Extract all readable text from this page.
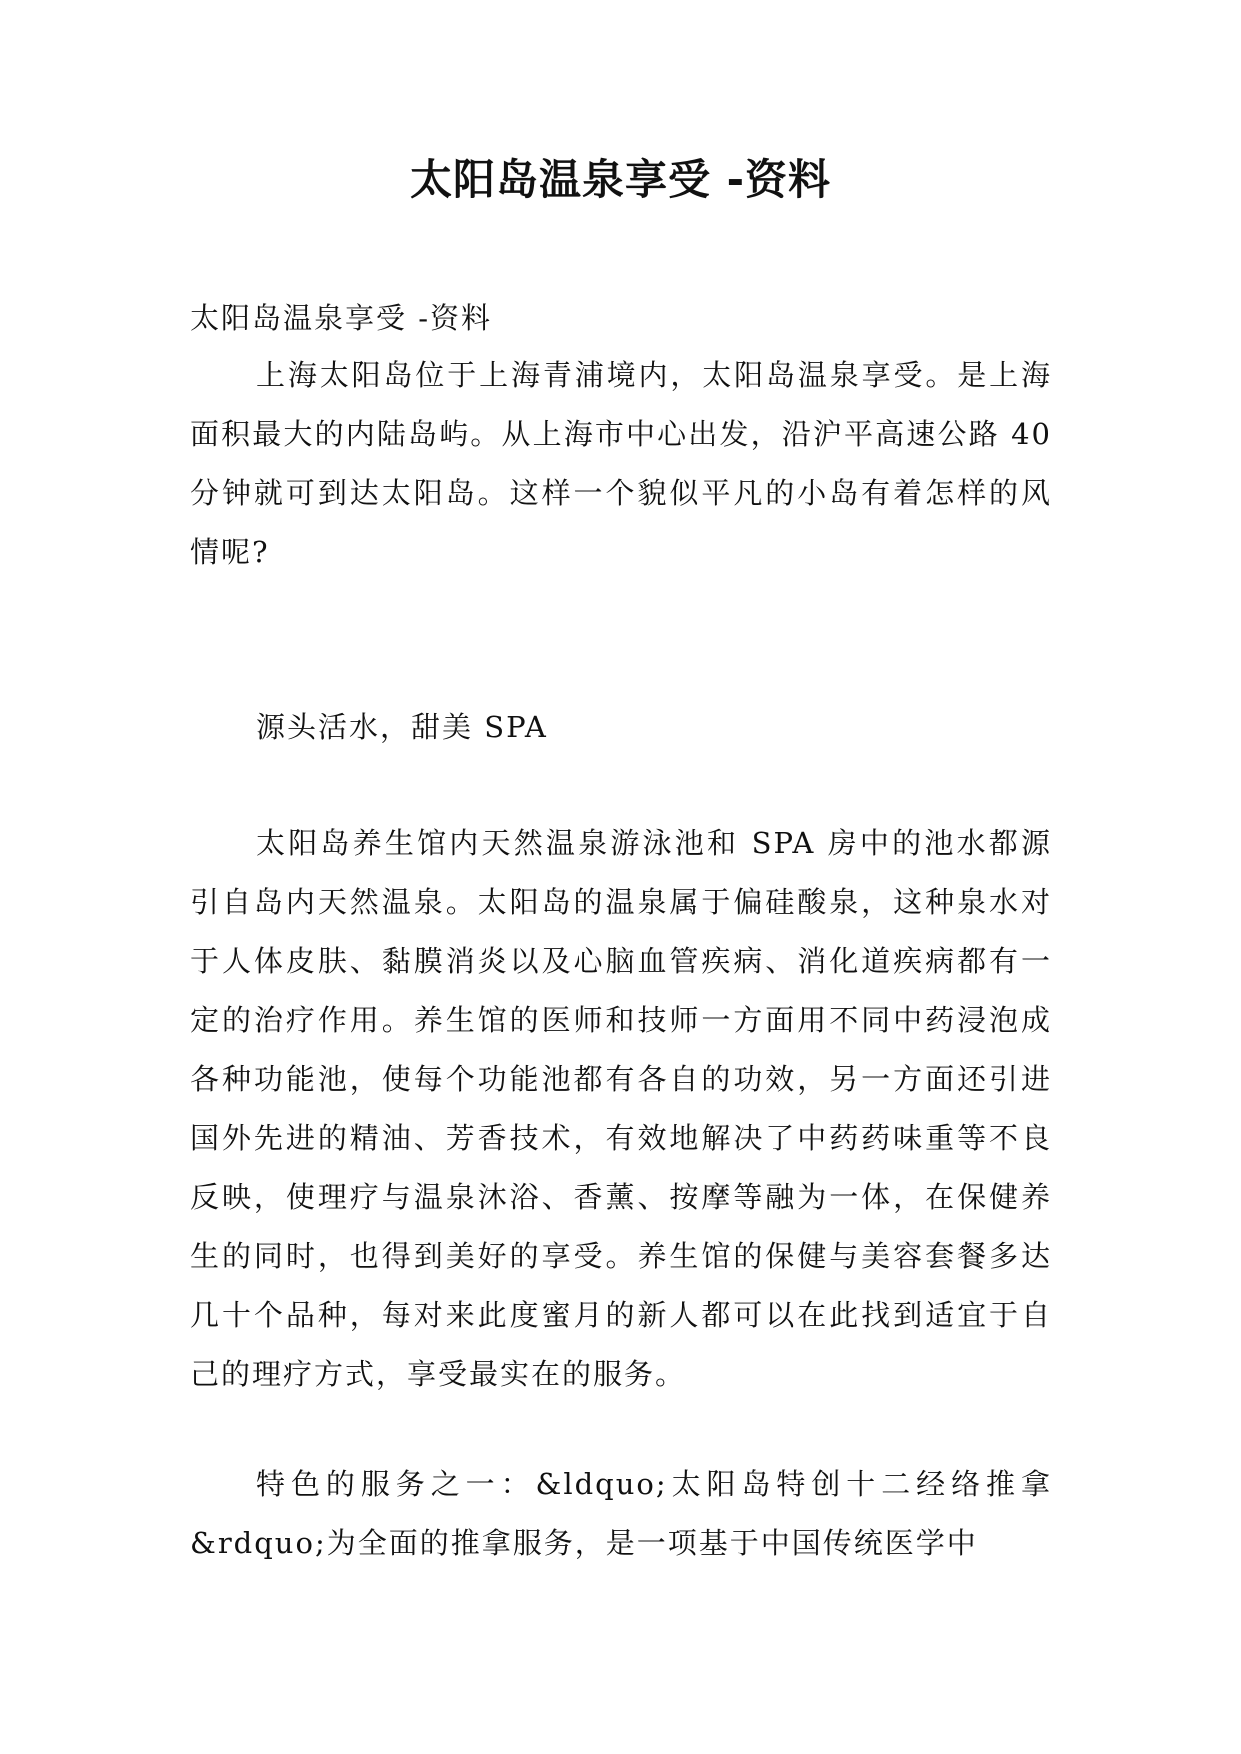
太阳岛温泉享受 -资料

太阳岛温泉享受 -资料

上海太阳岛位于上海青浦境内，太阳岛温泉享受。是上海面积最大的内陆岛屿。从上海市中心出发，沿沪平高速公路 40 分钟就可到达太阳岛。这样一个貌似平凡的小岛有着怎样的风情呢?

源头活水，甜美 SPA

太阳岛养生馆内天然温泉游泳池和 SPA 房中的池水都源引自岛内天然温泉。太阳岛的温泉属于偏硅酸泉，这种泉水对于人体皮肤、黏膜消炎以及心脑血管疾病、消化道疾病都有一定的治疗作用。养生馆的医师和技师一方面用不同中药浸泡成各种功能池，使每个功能池都有各自的功效，另一方面还引进国外先进的精油、芳香技术，有效地解决了中药药味重等不良反映，使理疗与温泉沐浴、香薰、按摩等融为一体，在保健养生的同时，也得到美好的享受。养生馆的保健与美容套餐多达几十个品种，每对来此度蜜月的新人都可以在此找到适宜于自己的理疗方式，享受最实在的服务。

特色的服务之一：&ldquo;太阳岛特创十二经络推拿&rdquo;为全面的推拿服务，是一项基于中国传统医学中
